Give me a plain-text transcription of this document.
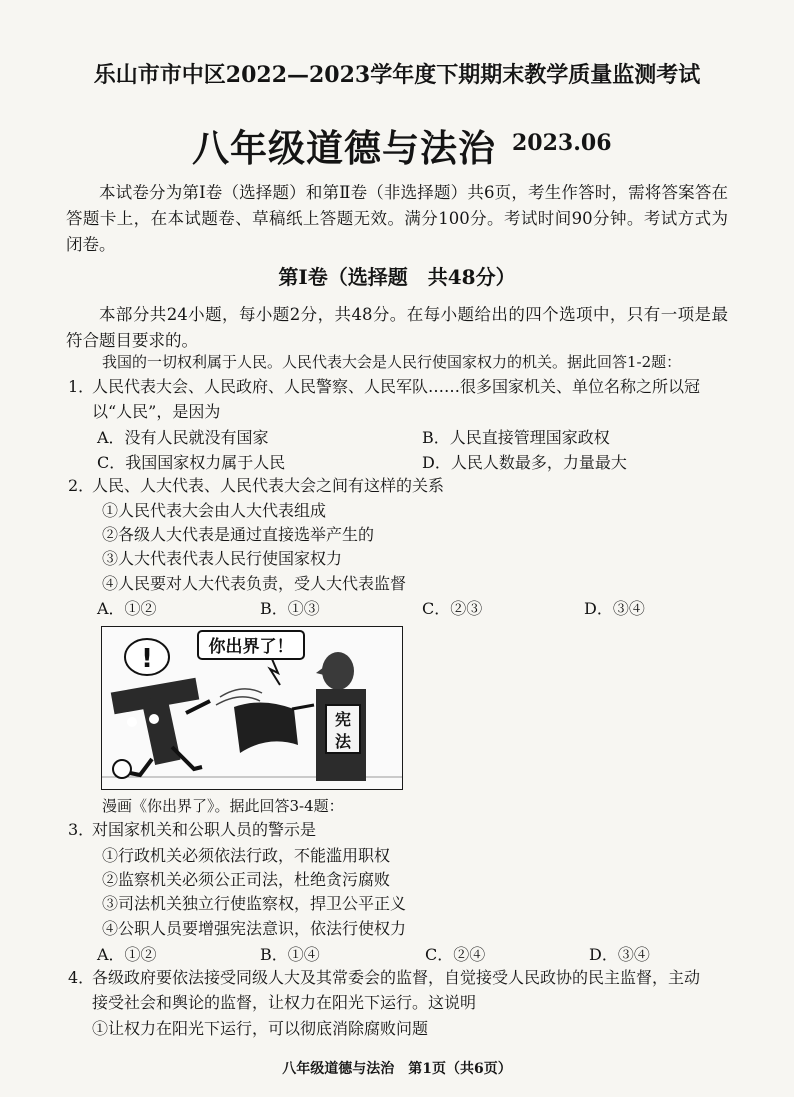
乐山市市中区2022—2023学年度下期期末教学质量监测考试
八年级道德与法治 2023.06
本试卷分为第Ⅰ卷（选择题）和第Ⅱ卷（非选择题）共6页，考生作答时，需将答案答在答题卡上，在本试题卷、草稿纸上答题无效。满分100分。考试时间90分钟。考试方式为闭卷。
第Ⅰ卷（选择题　共48分）
本部分共24小题，每小题2分，共48分。在每小题给出的四个选项中，只有一项是最符合题目要求的。
我国的一切权利属于人民。人民代表大会是人民行使国家权力的机关。据此回答1-2题：
1．
人民代表大会、人民政府、人民警察、人民军队……很多国家机关、单位名称之所以冠
以“人民”，是因为
A．没有人民就没有国家	B．人民直接管理国家政权
C．我国国家权力属于人民	D．人民人数最多，力量最大
2．
人民、人大代表、人民代表大会之间有这样的关系
①人民代表大会由人大代表组成
②各级人大代表是通过直接选举产生的
③人大代表代表人民行使国家权力
④人民要对人大代表负责，受人大代表监督
A．①②	B．①③	C．②③	D．③④
!	你出界了！
宪
法
漫画《你出界了》。据此回答3-4题：
3．
对国家机关和公职人员的警示是
①行政机关必须依法行政，不能滥用职权
②监察机关必须公正司法，杜绝贪污腐败
③司法机关独立行使监察权，捍卫公平正义
④公职人员要增强宪法意识，依法行使权力
A．①②	B．①④	C．②④	D．③④
4．
各级政府要依法接受同级人大及其常委会的监督，自觉接受人民政协的民主监督，主动
接受社会和舆论的监督，让权力在阳光下运行。这说明
①让权力在阳光下运行，可以彻底消除腐败问题
八年级道德与法治　第1页（共6页）
